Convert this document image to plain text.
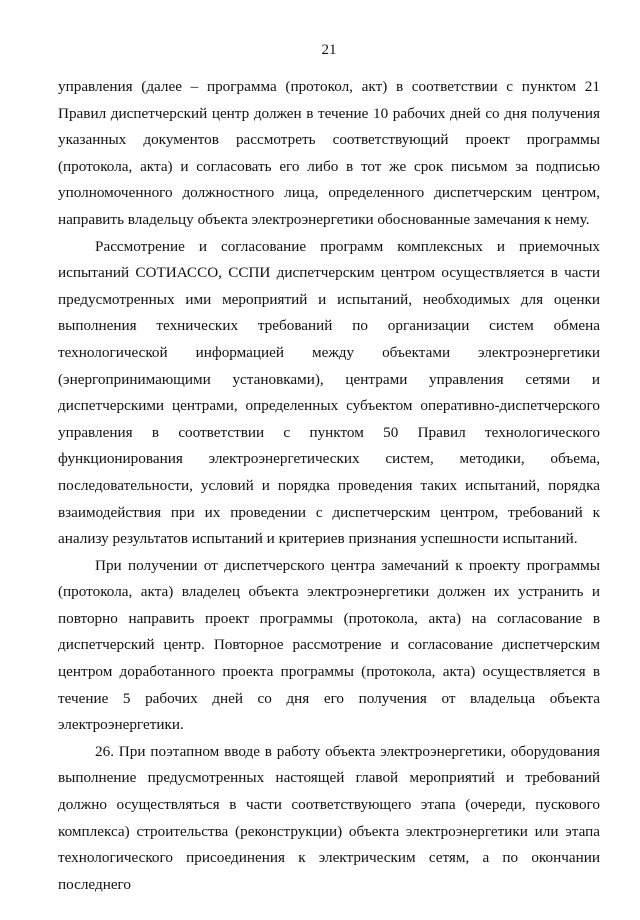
21

управления (далее – программа (протокол, акт) в соответствии с пунктом 21 Правил диспетчерский центр должен в течение 10 рабочих дней со дня получения указанных документов рассмотреть соответствующий проект программы (протокола, акта) и согласовать его либо в тот же срок письмом за подписью уполномоченного должностного лица, определенного диспетчерским центром, направить владельцу объекта электроэнергетики обоснованные замечания к нему.

Рассмотрение и согласование программ комплексных и приемочных испытаний СОТИАССО, ССПИ диспетчерским центром осуществляется в части предусмотренных ими мероприятий и испытаний, необходимых для оценки выполнения технических требований по организации систем обмена технологической информацией между объектами электроэнергетики (энергопринимающими установками), центрами управления сетями и диспетчерскими центрами, определенных субъектом оперативно-диспетчерского управления в соответствии с пунктом 50 Правил технологического функционирования электроэнергетических систем, методики, объема, последовательности, условий и порядка проведения таких испытаний, порядка взаимодействия при их проведении с диспетчерским центром, требований к анализу результатов испытаний и критериев признания успешности испытаний.

При получении от диспетчерского центра замечаний к проекту программы (протокола, акта) владелец объекта электроэнергетики должен их устранить и повторно направить проект программы (протокола, акта) на согласование в диспетчерский центр. Повторное рассмотрение и согласование диспетчерским центром доработанного проекта программы (протокола, акта) осуществляется в течение 5 рабочих дней со дня его получения от владельца объекта электроэнергетики.

26. При поэтапном вводе в работу объекта электроэнергетики, оборудования выполнение предусмотренных настоящей главой мероприятий и требований должно осуществляться в части соответствующего этапа (очереди, пускового комплекса) строительства (реконструкции) объекта электроэнергетики или этапа технологического присоединения к электрическим сетям, а по окончании последнего
